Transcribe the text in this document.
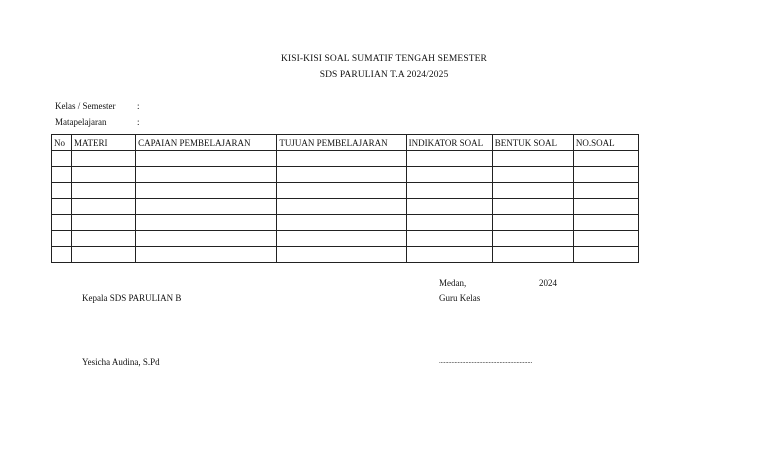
KISI-KISI SOAL SUMATIF TENGAH SEMESTER
SDS PARULIAN T.A 2024/2025
Kelas / Semester :
Matapelajaran	:
No	MATERI	CAPAIAN PEMBELAJARAN	TUJUAN PEMBELAJARAN	INDIKATOR SOAL	BENTUK SOAL	NO.SOAL

Medan,	2024
Guru Kelas
Kepala SDS PARULIAN B
Yesicha Audina, S.Pd	............................................................
